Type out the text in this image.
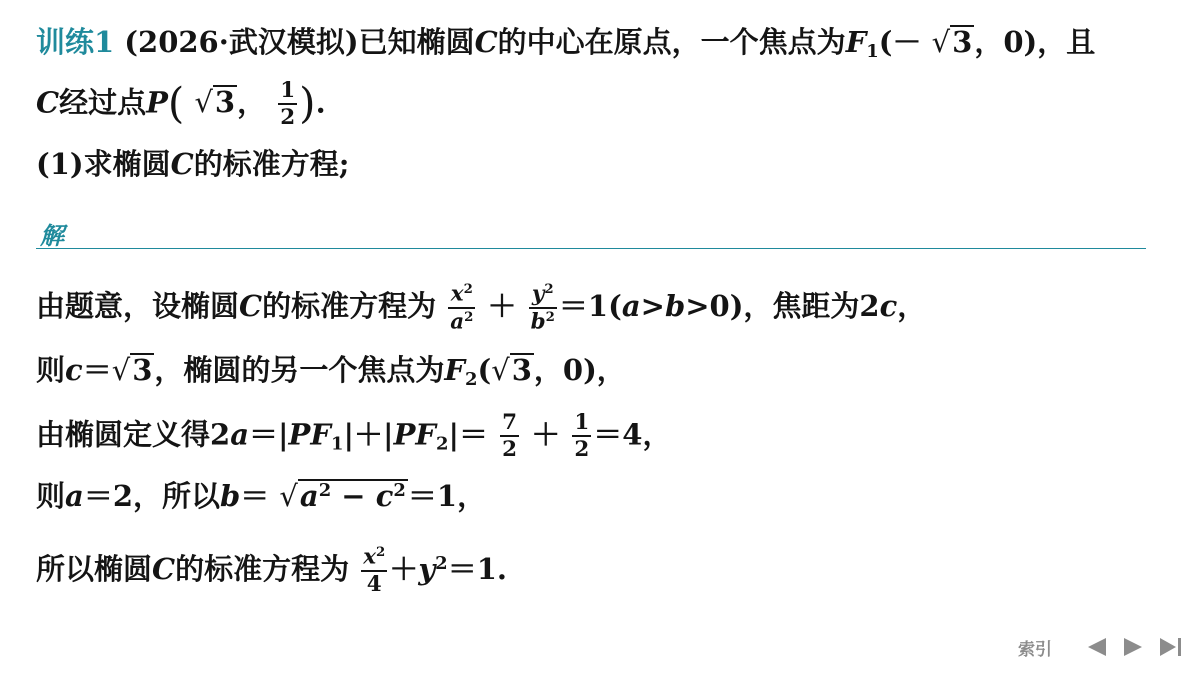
训练1 (2026·武汉模拟)已知椭圆C的中心在原点，一个焦点为$F_1(- √3$，0)，且
C经过点P( √3， $\frac{1}{2}$ ).
(1)求椭圆C的标准方程;
解
由题意，设椭圆C的标准方程为 $\frac{x^2}{a^2} + \frac{y^2}{b^2} =1(a>b>0)$，焦距为2c，
则c＝√3，椭圆的另一个焦点为$F_2(√3$，0)，
由椭圆定义得$2a=|PF_1|+|PF_2|= \frac{7}{2} + \frac{1}{2} =4$，
则a＝2，所以$b= √a^2 - c^2=1$，
所以椭圆C的标准方程为 $\frac{x^2}{4} +y^2=1$.
索引
